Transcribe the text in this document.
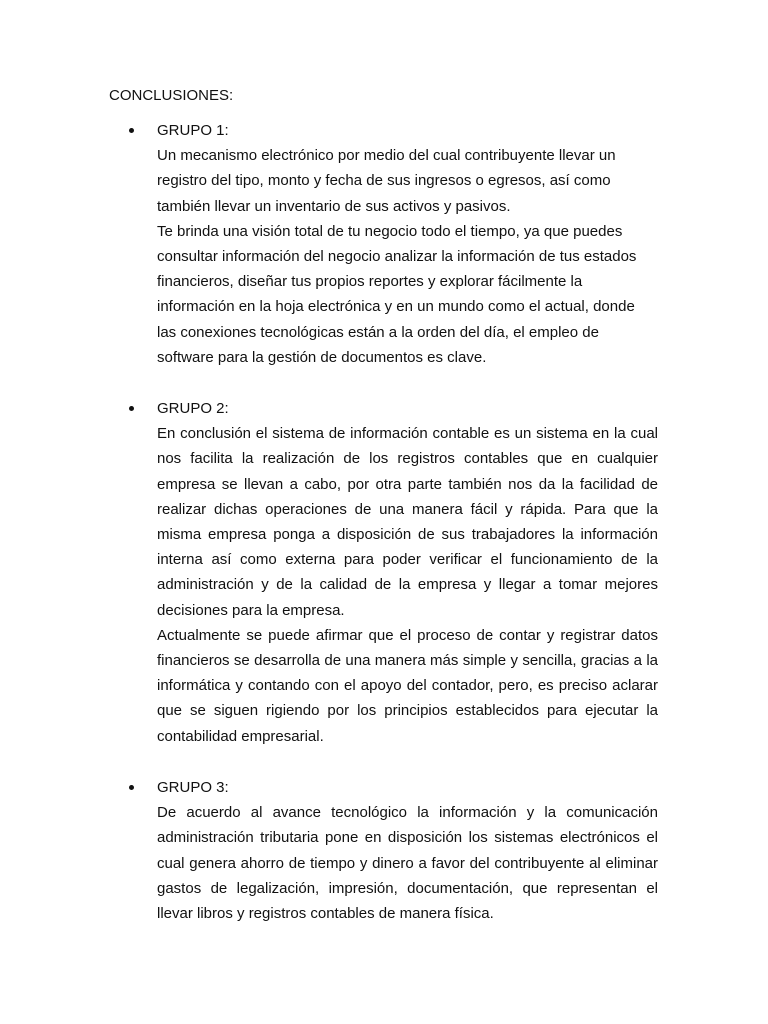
CONCLUSIONES:

GRUPO 1:

Un mecanismo electrónico por medio del cual contribuyente llevar un registro del tipo, monto y fecha de sus ingresos o egresos, así como también llevar un inventario de sus activos y pasivos.

Te brinda una visión total de tu negocio todo el tiempo, ya que puedes consultar información del negocio analizar la información de tus estados financieros, diseñar tus propios reportes y explorar fácilmente la información en la hoja electrónica y en un mundo como el actual, donde las conexiones tecnológicas están a la orden del día, el empleo de software para la gestión de documentos es clave.

GRUPO 2:

En conclusión el sistema de información contable es un sistema en la cual nos facilita la realización de los registros contables que en cualquier empresa se llevan a cabo, por otra parte también nos da la facilidad de realizar dichas operaciones de una manera fácil y rápida. Para que la misma empresa ponga a disposición de sus trabajadores la información interna así como externa para poder verificar el funcionamiento de la administración y de la calidad de la empresa y llegar a tomar mejores decisiones para la empresa.

Actualmente se puede afirmar que el proceso de contar y registrar datos financieros se desarrolla de una manera más simple y sencilla, gracias a la informática y contando con el apoyo del contador, pero, es preciso aclarar que se siguen rigiendo por los principios establecidos para ejecutar la contabilidad empresarial.

GRUPO 3:

De acuerdo al avance tecnológico la información y la comunicación administración tributaria pone en disposición los sistemas electrónicos el cual genera ahorro de tiempo y dinero a favor del contribuyente al eliminar gastos de legalización, impresión, documentación, que representan el llevar libros y registros contables de manera física.
